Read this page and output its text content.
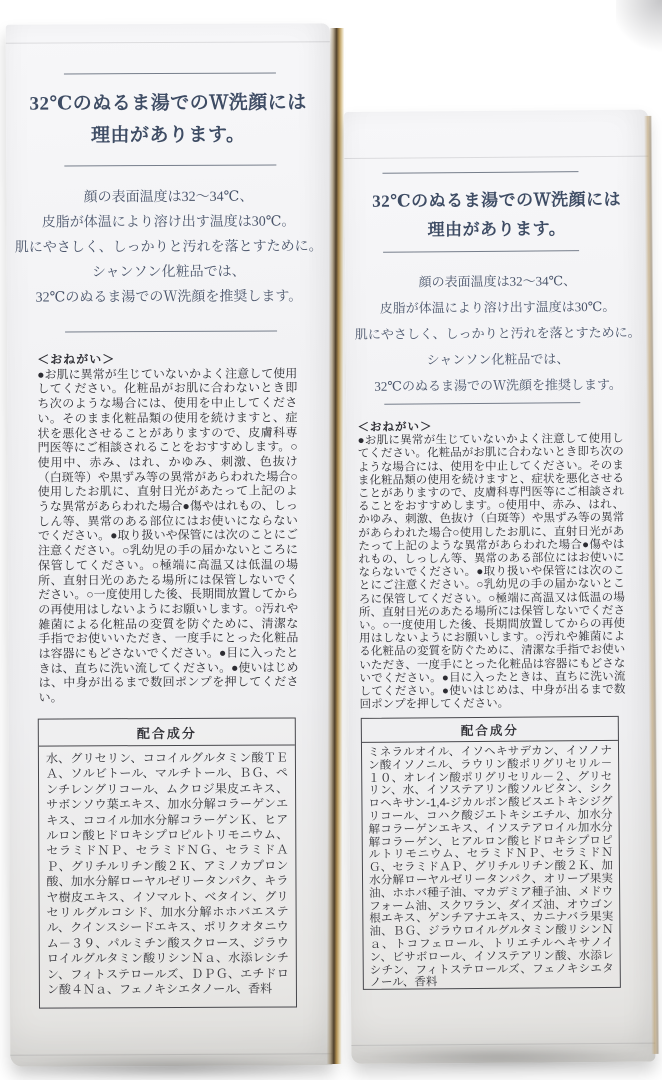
32℃のぬるま湯でのＷ洗顔には
理由があります。
顔の表面温度は32〜34℃、
皮脂が体温により溶け出す温度は30℃。
肌にやさしく、しっかりと汚れを落とすために。
シャンソン化粧品では、
32℃のぬるま湯でのＷ洗顔を推奨します。
＜おねがい＞
●お肌に異常が生じていないかよく注意して使用してください。化粧品がお肌に合わないとき即ち次のような場合には、使用を中止してください。そのまま化粧品類の使用を続けますと、症状を悪化させることがありますので、皮膚科専門医等にご相談されることをおすすめします。○使用中、赤み、はれ、かゆみ、刺激、色抜け（白斑等）や黒ずみ等の異常があらわれた場合○使用したお肌に、直射日光があたって上記のような異常があらわれた場合●傷やはれもの、しっしん等、異常のある部位にはお使いにならないでください。●取り扱いや保管には次のことにご注意ください。○乳幼児の手の届かないところに保管してください。○極端に高温又は低温の場所、直射日光のあたる場所には保管しないでください。○一度使用した後、長期間放置してからの再使用はしないようにお願いします。○汚れや雑菌による化粧品の変質を防ぐために、清潔な手指でお使いいただき、一度手にとった化粧品は容器にもどさないでください。●目に入ったときは、直ちに洗い流してください。●使いはじめは、中身が出るまで数回ポンプを押してください。
配合成分
水、グリセリン、ココイルグルタミン酸ＴＥＡ、ソルビトール、マルチトール、ＢＧ、ペンチレングリコール、ムクロジ果皮エキス、サボンソウ葉エキス、加水分解コラーゲンエキス、ココイル加水分解コラーゲンＫ、ヒアルロン酸ヒドロキシプロピルトリモニウム、セラミドＮＰ、セラミドＮＧ、セラミドＡＰ、グリチルリチン酸２Ｋ、アミノカプロン酸、加水分解ローヤルゼリータンパク、キラヤ樹皮エキス、イソマルト、ベタイン、グリセリルグルコシド、加水分解ホホバエステル、クインスシードエキス、ポリクオタニウム－３９、パルミチン酸スクロース、ジラウロイルグルタミン酸リシンＮａ、水添レシチン、フィトステロールズ、ＤＰＧ、エチドロン酸４Ｎａ、フェノキシエタノール、香料
32℃のぬるま湯でのＷ洗顔には
理由があります。
顔の表面温度は32〜34℃、
皮脂が体温により溶け出す温度は30℃。
肌にやさしく、しっかりと汚れを落とすために。
シャンソン化粧品では、
32℃のぬるま湯でのＷ洗顔を推奨します。
＜おねがい＞
●お肌に異常が生じていないかよく注意して使用してください。化粧品がお肌に合わないとき即ち次のような場合には、使用を中止してください。そのまま化粧品類の使用を続けますと、症状を悪化させることがありますので、皮膚科専門医等にご相談されることをおすすめします。○使用中、赤み、はれ、かゆみ、刺激、色抜け（白斑等）や黒ずみ等の異常があらわれた場合○使用したお肌に、直射日光があたって上記のような異常があらわれた場合●傷やはれもの、しっしん等、異常のある部位にはお使いにならないでください。●取り扱いや保管には次のことにご注意ください。○乳幼児の手の届かないところに保管してください。○極端に高温又は低温の場所、直射日光のあたる場所には保管しないでください。○一度使用した後、長期間放置してからの再使用はしないようにお願いします。○汚れや雑菌による化粧品の変質を防ぐために、清潔な手指でお使いいただき、一度手にとった化粧品は容器にもどさないでください。●目に入ったときは、直ちに洗い流してください。●使いはじめは、中身が出るまで数回ポンプを押してください。
配合成分
ミネラルオイル、イソヘキサデカン、イソノナン酸イソノニル、ラウリン酸ポリグリセリル－１０、オレイン酸ポリグリセリル－２、グリセリン、水、イソステアリン酸ソルビタン、シクロヘキサン-1,4-ジカルボン酸ビスエトキシジグリコール、コハク酸ジエトキシエチル、加水分解コラーゲンエキス、イソステアロイル加水分解コラーゲン、ヒアルロン酸ヒドロキシプロピルトリモニウム、セラミドＮＰ、セラミドＮＧ、セラミドＡＰ、グリチルリチン酸２Ｋ、加水分解ローヤルゼリータンパク、オリーブ果実油、ホホバ種子油、マカデミア種子油、メドウフォーム油、スクワラン、ダイズ油、オウゴン根エキス、ゲンチアナエキス、カニナバラ果実油、ＢＧ、ジラウロイルグルタミン酸リシンＮａ、トコフェロール、トリエチルヘキサノイン、ビサボロール、イソステアリン酸、水添レシチン、フィトステロールズ、フェノキシエタノール、香料
